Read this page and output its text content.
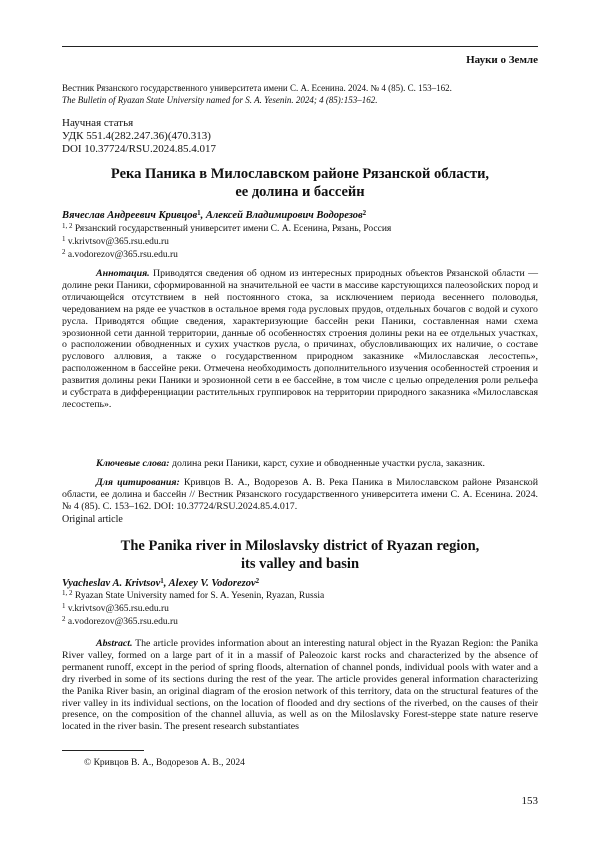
Науки о Земле
Вестник Рязанского государственного университета имени С. А. Есенина. 2024. № 4 (85). С. 153–162.
The Bulletin of Ryazan State University named for S. A. Yesenin. 2024; 4 (85):153–162.
Научная статья
УДК 551.4(282.247.36)(470.313)
DOI 10.37724/RSU.2024.85.4.017
Река Паника в Милославском районе Рязанской области,
ее долина и бассейн
Вячеслав Андреевич Кривцов$^1$, Алексей Владимирович Водорезов$^2$
$^{1, 2}$ Рязанский государственный университет имени С. А. Есенина, Рязань, Россия
$^1$ v.krivtsov@365.rsu.edu.ru
$^2$ a.vodorezov@365.rsu.edu.ru

Аннотация. Приводятся сведения об одном из интересных природных объектов Рязанской области — долине реки Паники, сформированной на значительной ее части в массиве карстующихся палеозойских пород и отличающейся отсутствием в ней постоянного стока, за исключением периода весеннего половодья, чередованием на ряде ее участков в остальное время года русловых прудов, отдельных бочагов с водой и сухого русла. Приводятся общие сведения, характеризующие бассейн реки Паники, составленная нами схема эрозионной сети данной территории, данные об особенностях строения долины реки на ее отдельных участках, о расположении обводненных и сухих участков русла, о причинах, обусловливающих их наличие, о составе руслового аллювия, а также о государственном природном заказнике «Милославская лесостепь», расположенном в бассейне реки. Отмечена необходимость дополнительного изучения особенностей строения и развития долины реки Паники и эрозионной сети в ее бассейне, в том числе с целью определения роли рельефа и субстрата в дифференциации растительных группировок на территории природного заказника «Милославская лесостепь».

Ключевые слова: долина реки Паники, карст, сухие и обводненные участки русла, заказник.

Для цитирования: Кривцов В. А., Водорезов А. В. Река Паника в Милославском районе Рязанской области, ее долина и бассейн // Вестник Рязанского государственного университета имени С. А. Есенина. 2024. № 4 (85). С. 153–162. DOI: 10.37724/RSU.2024.85.4.017.

Original article
The Panika river in Miloslavsky district of Ryazan region,
its valley and basin
Vyacheslav A. Krivtsov$^1$, Alexey V. Vodorezov$^2$
$^{1, 2}$ Ryazan State University named for S. A. Yesenin, Ryazan, Russia
$^1$ v.krivtsov@365.rsu.edu.ru
$^2$ a.vodorezov@365.rsu.edu.ru

Abstract. The article provides information about an interesting natural object in the Ryazan Region: the Panika River valley, formed on a large part of it in a massif of Paleozoic karst rocks and characterized by the absence of permanent runoff, except in the period of spring floods, alternation of channel ponds, individual pools with water and a dry riverbed in some of its sections during the rest of the year. The article provides general information characterizing the Panika River basin, an original diagram of the erosion network of this territory, data on the structural features of the river valley in its individual sections, on the location of flooded and dry sections of the riverbed, on the causes of their presence, on the composition of the channel alluvia, as well as on the Miloslavsky Forest-steppe state nature reserve located in the river basin. The present research substantiates

© Кривцов В. А., Водорезов А. В., 2024
153
